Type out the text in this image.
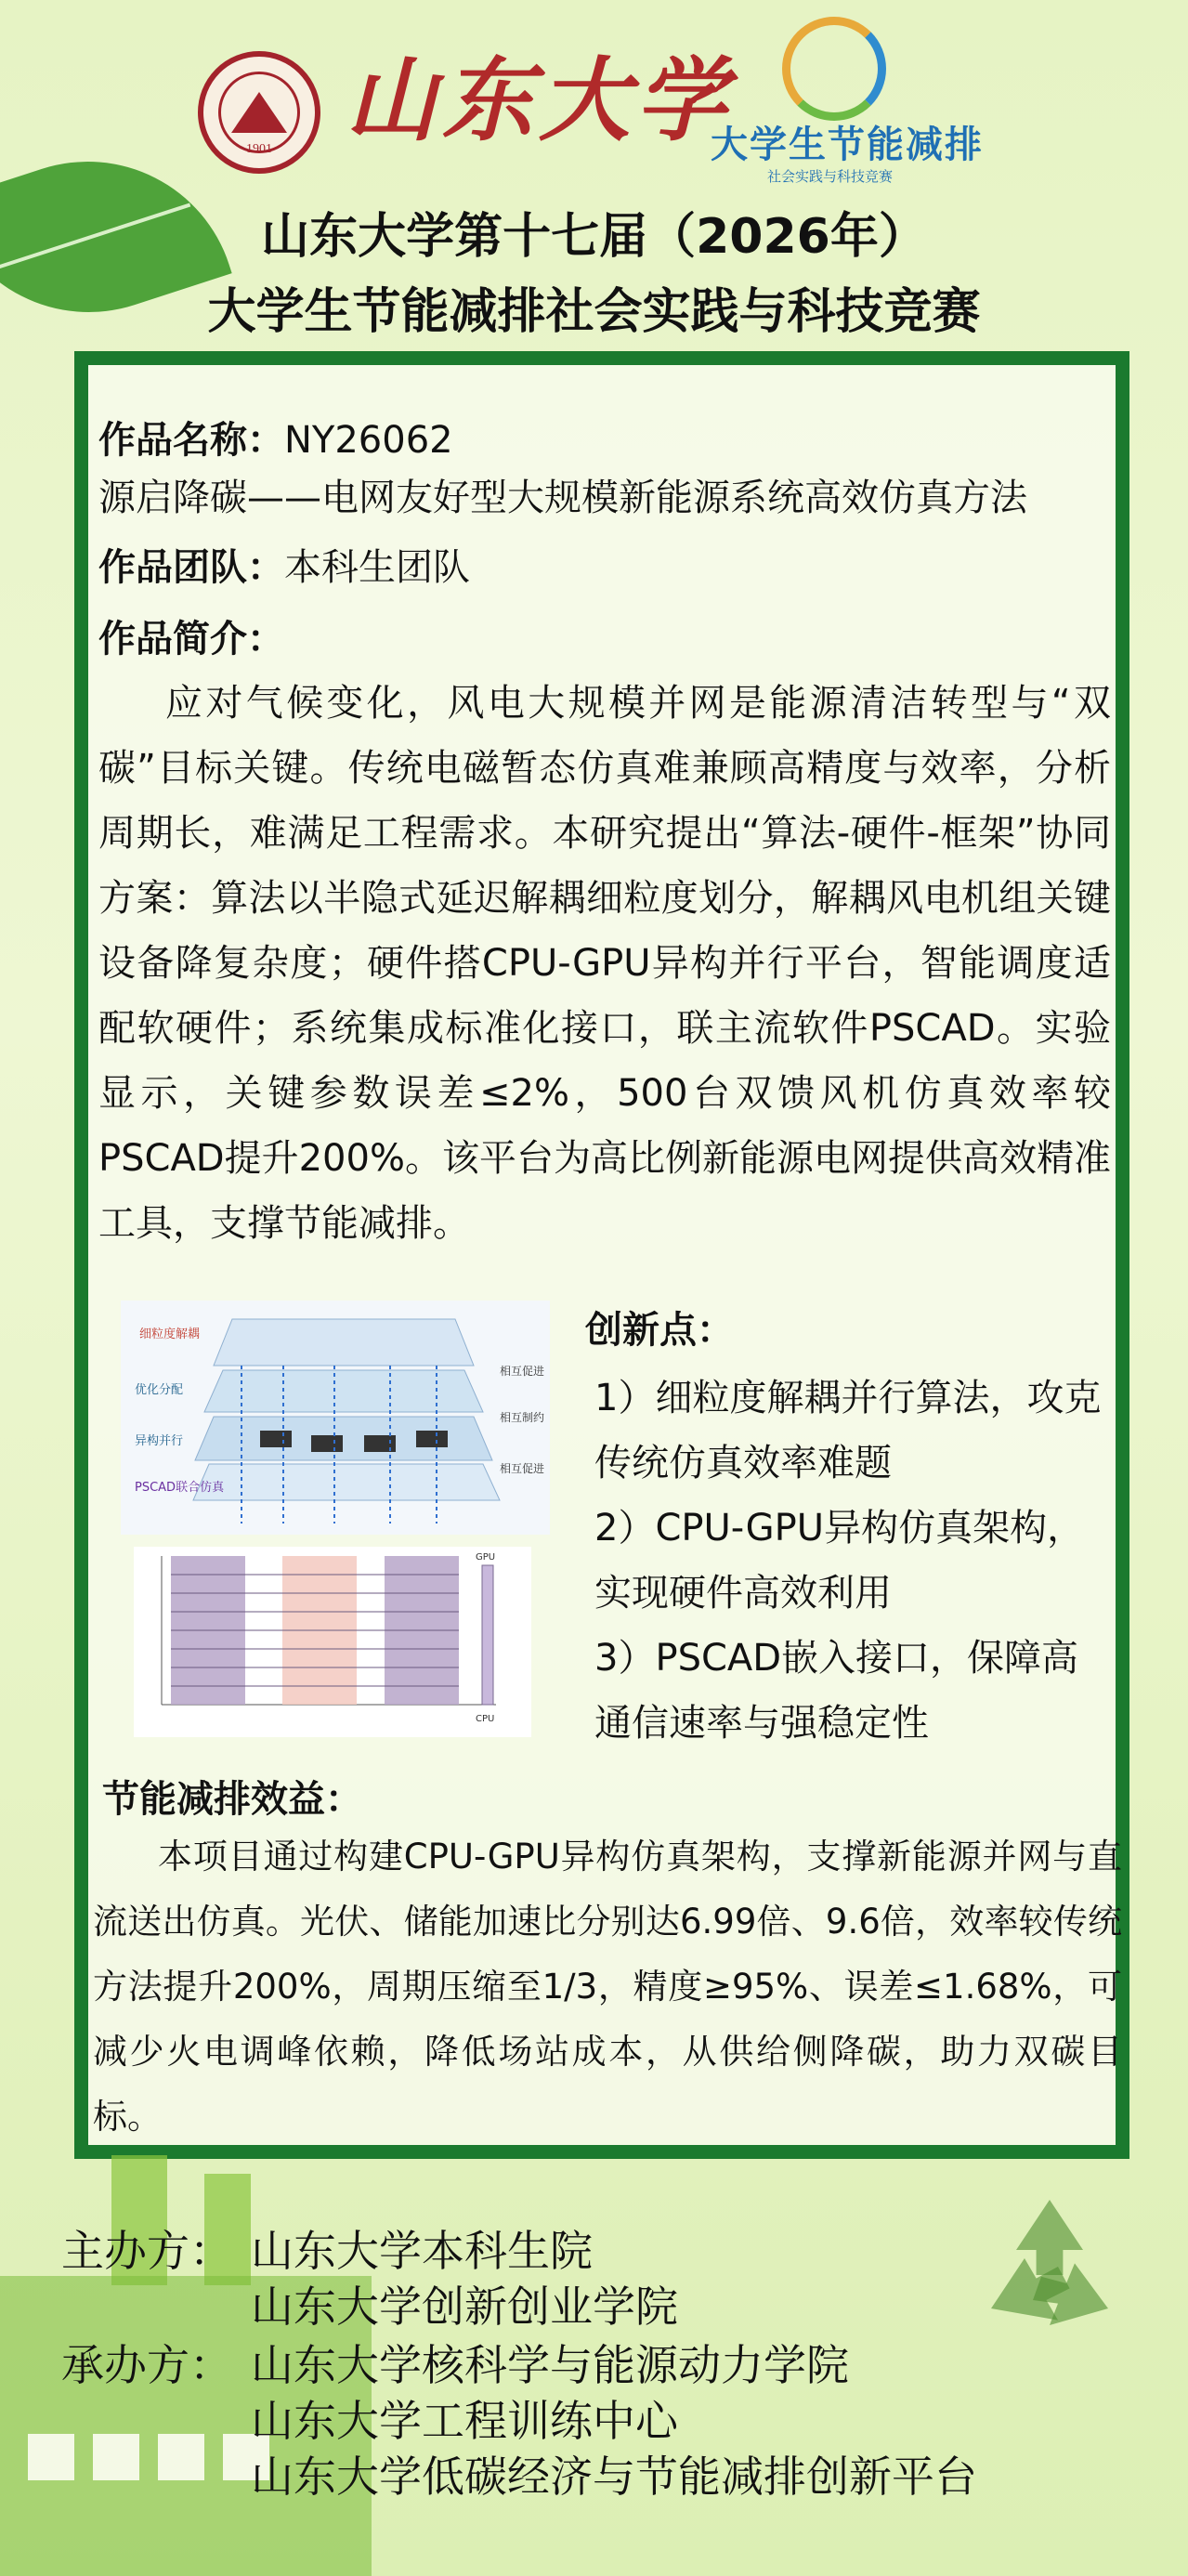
1901 山东大学
大学生节能减排
社会实践与科技竞赛
山东大学第十七届（2026年）
大学生节能减排社会实践与科技竞赛
作品名称：NY26062
源启降碳——电网友好型大规模新能源系统高效仿真方法
作品团队：本科生团队
作品简介：
应对气候变化，风电大规模并网是能源清洁转型与“双碳”目标关键。传统电磁暂态仿真难兼顾高精度与效率，分析周期长，难满足工程需求。本研究提出“算法-硬件-框架”协同方案：算法以半隐式延迟解耦细粒度划分，解耦风电机组关键设备降复杂度；硬件搭CPU-GPU异构并行平台，智能调度适配软硬件；系统集成标准化接口，联主流软件PSCAD。实验显示，关键参数误差≤2%，500台双馈风机仿真效率较PSCAD提升200%。该平台为高比例新能源电网提供高效精准工具，支撑节能减排。
细粒度解耦
优化分配
异构并行
PSCAD联合仿真
相互促进
相互制约
相互促进
GPU
CPU
创新点：
1）细粒度解耦并行算法，攻克传统仿真效率难题
2）CPU-GPU异构仿真架构，实现硬件高效利用
3）PSCAD嵌入接口，保障高通信速率与强稳定性
节能减排效益：
本项目通过构建CPU-GPU异构仿真架构，支撑新能源并网与直流送出仿真。光伏、储能加速比分别达6.99倍、9.6倍，效率较传统方法提升200%，周期压缩至1/3，精度≥95%、误差≤1.68%，可减少火电调峰依赖，降低场站成本，从供给侧降碳，助力双碳目标。
主办方： 山东大学本科生院
山东大学创新创业学院
承办方： 山东大学核科学与能源动力学院
山东大学工程训练中心
山东大学低碳经济与节能减排创新平台
